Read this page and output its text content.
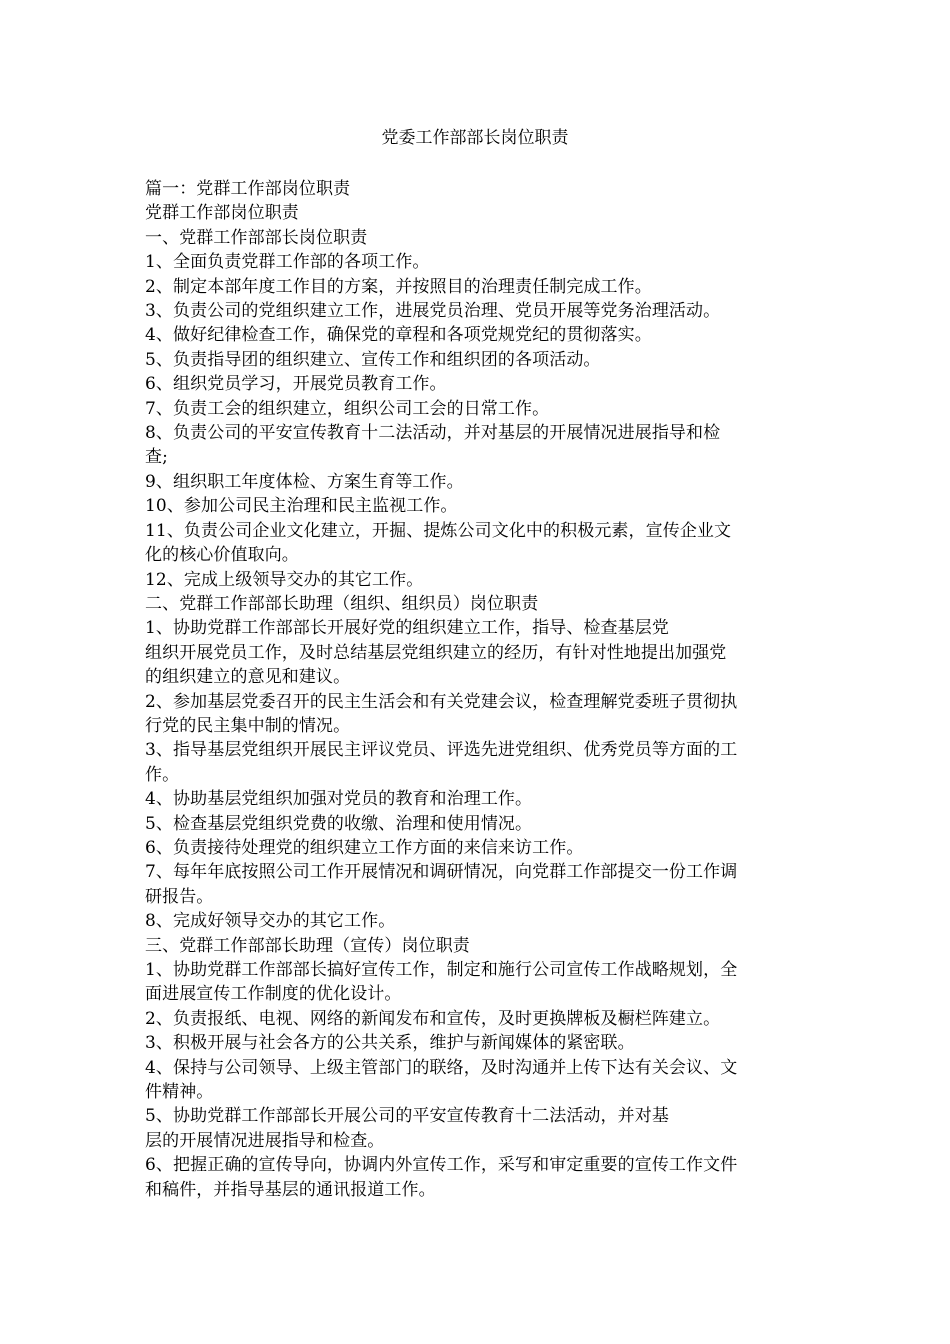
党委工作部部长岗位职责
篇一：党群工作部岗位职责
党群工作部岗位职责
一、党群工作部部长岗位职责
1、全面负责党群工作部的各项工作。
2、制定本部年度工作目的方案，并按照目的治理责任制完成工作。
3、负责公司的党组织建立工作，进展党员治理、党员开展等党务治理活动。
4、做好纪律检查工作，确保党的章程和各项党规党纪的贯彻落实。
5、负责指导团的组织建立、宣传工作和组织团的各项活动。
6、组织党员学习，开展党员教育工作。
7、负责工会的组织建立，组织公司工会的日常工作。
8、负责公司的平安宣传教育十二法活动，并对基层的开展情况进展指导和检
查;
9、组织职工年度体检、方案生育等工作。
10、参加公司民主治理和民主监视工作。
11、负责公司企业文化建立，开掘、提炼公司文化中的积极元素，宣传企业文
化的核心价值取向。
12、完成上级领导交办的其它工作。
二、党群工作部部长助理（组织、组织员）岗位职责
1、协助党群工作部部长开展好党的组织建立工作，指导、检查基层党
组织开展党员工作，及时总结基层党组织建立的经历，有针对性地提出加强党
的组织建立的意见和建议。
2、参加基层党委召开的民主生活会和有关党建会议，检查理解党委班子贯彻执
行党的民主集中制的情况。
3、指导基层党组织开展民主评议党员、评选先进党组织、优秀党员等方面的工
作。
4、协助基层党组织加强对党员的教育和治理工作。
5、检查基层党组织党费的收缴、治理和使用情况。
6、负责接待处理党的组织建立工作方面的来信来访工作。
7、每年年底按照公司工作开展情况和调研情况，向党群工作部提交一份工作调
研报告。
8、完成好领导交办的其它工作。
三、党群工作部部长助理（宣传）岗位职责
1、协助党群工作部部长搞好宣传工作，制定和施行公司宣传工作战略规划，全
面进展宣传工作制度的优化设计。
2、负责报纸、电视、网络的新闻发布和宣传，及时更换牌板及橱栏阵建立。
3、积极开展与社会各方的公共关系，维护与新闻媒体的紧密联。
4、保持与公司领导、上级主管部门的联络，及时沟通并上传下达有关会议、文
件精神。
5、协助党群工作部部长开展公司的平安宣传教育十二法活动，并对基
层的开展情况进展指导和检查。
6、把握正确的宣传导向，协调内外宣传工作，采写和审定重要的宣传工作文件
和稿件，并指导基层的通讯报道工作。
